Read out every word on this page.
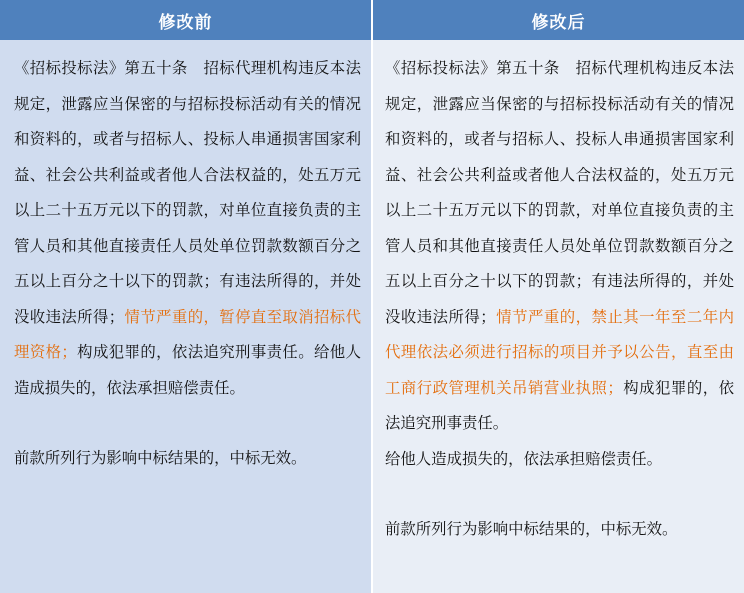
修改前	修改后

《招标投标法》第五十条　招标代理机构违反本法规定，泄露应当保密的与招标投标活动有关的情况和资料的，或者与招标人、投标人串通损害国家利益、社会公共利益或者他人合法权益的，处五万元以上二十五万元以下的罚款，对单位直接负责的主管人员和其他直接责任人员处单位罚款数额百分之五以上百分之十以下的罚款；有违法所得的，并处没收违法所得；情节严重的，暂停直至取消招标代理资格；构成犯罪的，依法追究刑事责任。给他人造成损失的，依法承担赔偿责任。

前款所列行为影响中标结果的，中标无效。

《招标投标法》第五十条　招标代理机构违反本法规定，泄露应当保密的与招标投标活动有关的情况和资料的，或者与招标人、投标人串通损害国家利益、社会公共利益或者他人合法权益的，处五万元以上二十五万元以下的罚款，对单位直接负责的主管人员和其他直接责任人员处单位罚款数额百分之五以上百分之十以下的罚款；有违法所得的，并处没收违法所得；情节严重的，禁止其一年至二年内代理依法必须进行招标的项目并予以公告，直至由工商行政管理机关吊销营业执照；构成犯罪的，依法追究刑事责任。

给他人造成损失的，依法承担赔偿责任。

前款所列行为影响中标结果的，中标无效。
